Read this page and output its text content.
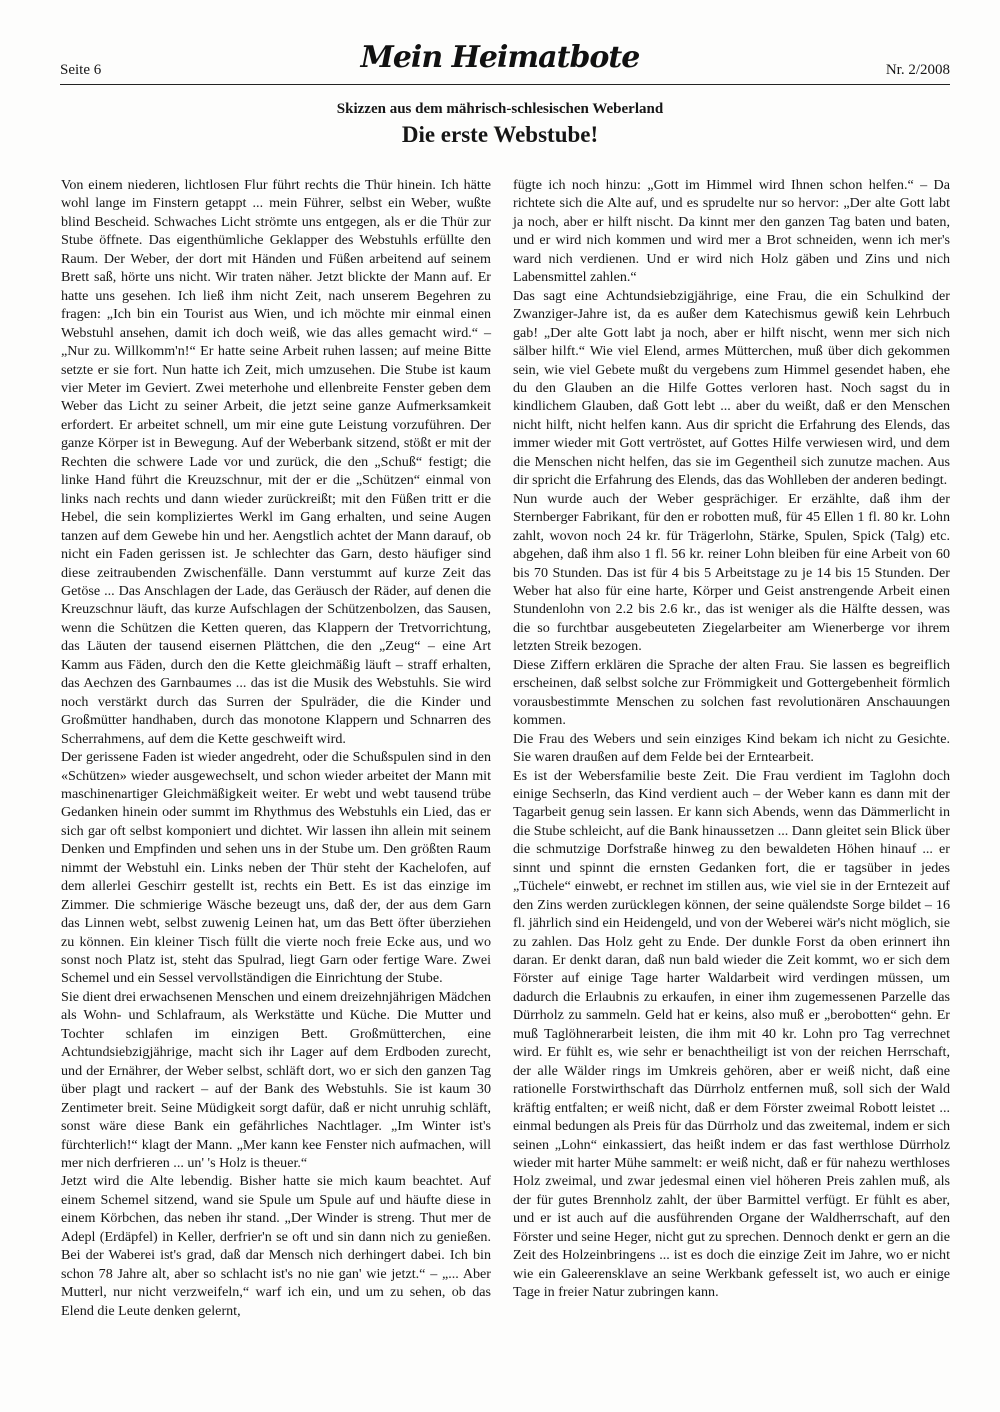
Seite 6	Mein Heimatbote	Nr. 2/2008
Skizzen aus dem mährisch-schlesischen Weberland
Die erste Webstube!

Von einem niederen, lichtlosen Flur führt rechts die Thür hinein. Ich hätte wohl lange im Finstern getappt ... mein Führer, selbst ein Weber, wußte blind Bescheid. Schwaches Licht strömte uns entgegen, als er die Thür zur Stube öffnete. Das eigenthümliche Geklapper des Webstuhls erfüllte den Raum. Der Weber, der dort mit Händen und Füßen arbeitend auf seinem Brett saß, hörte uns nicht. Wir traten näher. Jetzt blickte der Mann auf. Er hatte uns gesehen. Ich ließ ihm nicht Zeit, nach unserem Begehren zu fragen: „Ich bin ein Tourist aus Wien, und ich möchte mir einmal einen Webstuhl ansehen, damit ich doch weiß, wie das alles gemacht wird.“ – „Nur zu. Willkomm'n!“ Er hatte seine Arbeit ruhen lassen; auf meine Bitte setzte er sie fort. Nun hatte ich Zeit, mich umzusehen. Die Stube ist kaum vier Meter im Geviert. Zwei meterhohe und ellenbreite Fenster geben dem Weber das Licht zu seiner Arbeit, die jetzt seine ganze Aufmerksamkeit erfordert. Er arbeitet schnell, um mir eine gute Leistung vorzuführen. Der ganze Körper ist in Bewegung. Auf der Weberbank sitzend, stößt er mit der Rechten die schwere Lade vor und zurück, die den „Schuß“ festigt; die linke Hand führt die Kreuzschnur, mit der er die „Schützen“ einmal von links nach rechts und dann wieder zurückreißt; mit den Füßen tritt er die Hebel, die sein kompliziertes Werkl im Gang erhalten, und seine Augen tanzen auf dem Gewebe hin und her. Aengstlich achtet der Mann darauf, ob nicht ein Faden gerissen ist. Je schlechter das Garn, desto häufiger sind diese zeitraubenden Zwischenfälle. Dann verstummt auf kurze Zeit das Getöse ... Das Anschlagen der Lade, das Geräusch der Räder, auf denen die Kreuzschnur läuft, das kurze Aufschlagen der Schützenbolzen, das Sausen, wenn die Schützen die Ketten queren, das Klappern der Tretvorrichtung, das Läuten der tausend eisernen Plättchen, die den „Zeug“ – eine Art Kamm aus Fäden, durch den die Kette gleichmäßig läuft – straff erhalten, das Aechzen des Garnbaumes ... das ist die Musik des Webstuhls. Sie wird noch verstärkt durch das Surren der Spulräder, die die Kinder und Großmütter handhaben, durch das monotone Klappern und Schnarren des Scherrahmens, auf dem die Kette geschweift wird.

Der gerissene Faden ist wieder angedreht, oder die Schußspulen sind in den «Schützen» wieder ausgewechselt, und schon wieder arbeitet der Mann mit maschinenartiger Gleichmäßigkeit weiter. Er webt und webt tausend trübe Gedanken hinein oder summt im Rhythmus des Webstuhls ein Lied, das er sich gar oft selbst komponiert und dichtet. Wir lassen ihn allein mit seinem Denken und Empfinden und sehen uns in der Stube um. Den größten Raum nimmt der Webstuhl ein. Links neben der Thür steht der Kachelofen, auf dem allerlei Geschirr gestellt ist, rechts ein Bett. Es ist das einzige im Zimmer. Die schmierige Wäsche bezeugt uns, daß der, der aus dem Garn das Linnen webt, selbst zuwenig Leinen hat, um das Bett öfter überziehen zu können. Ein kleiner Tisch füllt die vierte noch freie Ecke aus, und wo sonst noch Platz ist, steht das Spulrad, liegt Garn oder fertige Ware. Zwei Schemel und ein Sessel vervollständigen die Einrichtung der Stube.

Sie dient drei erwachsenen Menschen und einem dreizehnjährigen Mädchen als Wohn- und Schlafraum, als Werkstätte und Küche. Die Mutter und Tochter schlafen im einzigen Bett. Großmütterchen, eine Achtundsiebzigjährige, macht sich ihr Lager auf dem Erdboden zurecht, und der Ernährer, der Weber selbst, schläft dort, wo er sich den ganzen Tag über plagt und rackert – auf der Bank des Webstuhls. Sie ist kaum 30 Zentimeter breit. Seine Müdigkeit sorgt dafür, daß er nicht unruhig schläft, sonst wäre diese Bank ein gefährliches Nachtlager. „Im Winter ist's fürchterlich!“ klagt der Mann. „Mer kann kee Fenster nich aufmachen, will mer nich derfrieren ... un' 's Holz is theuer.“

Jetzt wird die Alte lebendig. Bisher hatte sie mich kaum beachtet. Auf einem Schemel sitzend, wand sie Spule um Spule auf und häufte diese in einem Körbchen, das neben ihr stand. „Der Winder is streng. Thut mer de Adepl (Erdäpfel) in Keller, derfrier'n se oft und sin dann nich zu genießen. Bei der Waberei ist's grad, daß dar Mensch nich derhingert dabei. Ich bin schon 78 Jahre alt, aber so schlacht ist's no nie gan' wie jetzt.“ – „... Aber Mutterl, nur nicht verzweifeln,“ warf ich ein, und um zu sehen, ob das Elend die Leute denken gelernt,

fügte ich noch hinzu: „Gott im Himmel wird Ihnen schon helfen.“ – Da richtete sich die Alte auf, und es sprudelte nur so hervor: „Der alte Gott labt ja noch, aber er hilft nischt. Da kinnt mer den ganzen Tag baten und baten, und er wird nich kommen und wird mer a Brot schneiden, wenn ich mer's ward nich verdienen. Und er wird nich Holz gäben und Zins und nich Labensmittel zahlen.“

Das sagt eine Achtundsiebzigjährige, eine Frau, die ein Schulkind der Zwanziger-Jahre ist, da es außer dem Katechismus gewiß kein Lehrbuch gab! „Der alte Gott labt ja noch, aber er hilft nischt, wenn mer sich nich sälber hilft.“ Wie viel Elend, armes Mütterchen, muß über dich gekommen sein, wie viel Gebete mußt du vergebens zum Himmel gesendet haben, ehe du den Glauben an die Hilfe Gottes verloren hast. Noch sagst du in kindlichem Glauben, daß Gott lebt ... aber du weißt, daß er den Menschen nicht hilft, nicht helfen kann. Aus dir spricht die Erfahrung des Elends, das immer wieder mit Gott vertröstet, auf Gottes Hilfe verwiesen wird, und dem die Menschen nicht helfen, das sie im Gegentheil sich zunutze machen. Aus dir spricht die Erfahrung des Elends, das das Wohlleben der anderen bedingt.

Nun wurde auch der Weber gesprächiger. Er erzählte, daß ihm der Sternberger Fabrikant, für den er robotten muß, für 45 Ellen 1 fl. 80 kr. Lohn zahlt, wovon noch 24 kr. für Trägerlohn, Stärke, Spulen, Spick (Talg) etc. abgehen, daß ihm also 1 fl. 56 kr. reiner Lohn bleiben für eine Arbeit von 60 bis 70 Stunden. Das ist für 4 bis 5 Arbeitstage zu je 14 bis 15 Stunden. Der Weber hat also für eine harte, Körper und Geist anstrengende Arbeit einen Stundenlohn von 2.2 bis 2.6 kr., das ist weniger als die Hälfte dessen, was die so furchtbar ausgebeuteten Ziegelarbeiter am Wienerberge vor ihrem letzten Streik bezogen.

Diese Ziffern erklären die Sprache der alten Frau. Sie lassen es begreiflich erscheinen, daß selbst solche zur Frömmigkeit und Gottergebenheit förmlich vorausbestimmte Menschen zu solchen fast revolutionären Anschauungen kommen.

Die Frau des Webers und sein einziges Kind bekam ich nicht zu Gesichte. Sie waren draußen auf dem Felde bei der Erntearbeit.

Es ist der Webersfamilie beste Zeit. Die Frau verdient im Taglohn doch einige Sechserln, das Kind verdient auch – der Weber kann es dann mit der Tagarbeit genug sein lassen. Er kann sich Abends, wenn das Dämmerlicht in die Stube schleicht, auf die Bank hinaussetzen ... Dann gleitet sein Blick über die schmutzige Dorfstraße hinweg zu den bewaldeten Höhen hinauf ... er sinnt und spinnt die ernsten Gedanken fort, die er tagsüber in jedes „Tüchele“ einwebt, er rechnet im stillen aus, wie viel sie in der Erntezeit auf den Zins werden zurücklegen können, der seine quälendste Sorge bildet – 16 fl. jährlich sind ein Heidengeld, und von der Weberei wär's nicht möglich, sie zu zahlen. Das Holz geht zu Ende. Der dunkle Forst da oben erinnert ihn daran. Er denkt daran, daß nun bald wieder die Zeit kommt, wo er sich dem Förster auf einige Tage harter Waldarbeit wird verdingen müssen, um dadurch die Erlaubnis zu erkaufen, in einer ihm zugemessenen Parzelle das Dürrholz zu sammeln. Geld hat er keins, also muß er „berobotten“ gehn. Er muß Taglöhnerarbeit leisten, die ihm mit 40 kr. Lohn pro Tag verrechnet wird. Er fühlt es, wie sehr er benachtheiligt ist von der reichen Herrschaft, der alle Wälder rings im Umkreis gehören, aber er weiß nicht, daß eine rationelle Forstwirthschaft das Dürrholz entfernen muß, soll sich der Wald kräftig entfalten; er weiß nicht, daß er dem Förster zweimal Robott leistet ... einmal bedungen als Preis für das Dürrholz und das zweitemal, indem er sich seinen „Lohn“ einkassiert, das heißt indem er das fast werthlose Dürrholz wieder mit harter Mühe sammelt: er weiß nicht, daß er für nahezu werthloses Holz zweimal, und zwar jedesmal einen viel höheren Preis zahlen muß, als der für gutes Brennholz zahlt, der über Barmittel verfügt. Er fühlt es aber, und er ist auch auf die ausführenden Organe der Waldherrschaft, auf den Förster und seine Heger, nicht gut zu sprechen. Dennoch denkt er gern an die Zeit des Holzeinbringens ... ist es doch die einzige Zeit im Jahre, wo er nicht wie ein Galeerensklave an seine Werkbank gefesselt ist, wo auch er einige Tage in freier Natur zubringen kann.
